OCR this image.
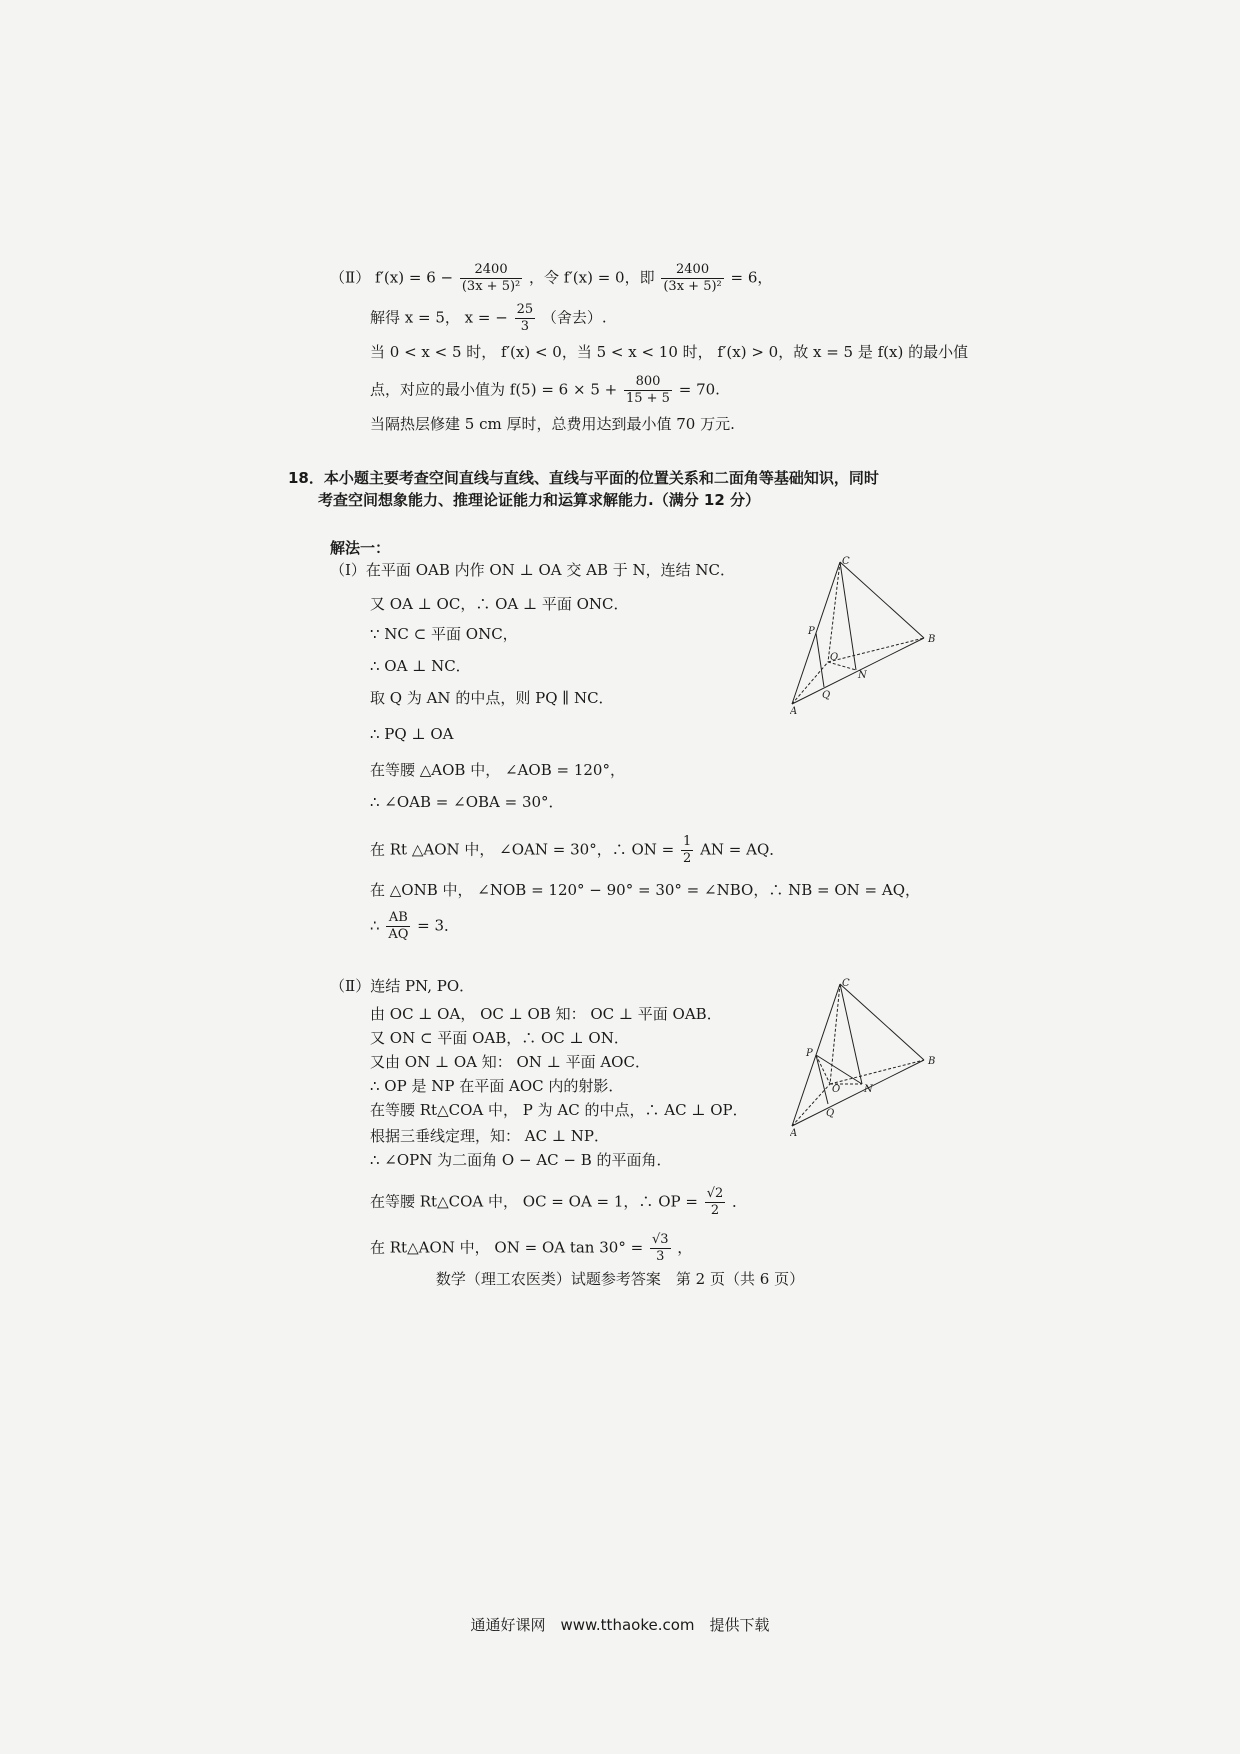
（Ⅱ） $f'(x) = 6 - \frac{2400}{\text{(3x + 5)²}}$ ，令 f′(x) = 0，即 $\frac{2400}{\text{(3x + 5)²}} = 6$，
解得 x = 5， x = − $\frac{25}{3}$ （舍去）.
当 0 < x < 5 时， f′(x) < 0，当 5 < x < 10 时， f′(x) > 0，故 x = 5 是 f(x) 的最小值
点，对应的最小值为 $f(5) = 6 \times 5 + \frac{800}{15 + 5} = 70$.
当隔热层修建 5 cm 厚时，总费用达到最小值 70 万元.
18．本小题主要考查空间直线与直线、直线与平面的位置关系和二面角等基础知识，同时
考查空间想象能力、推理论证能力和运算求解能力.（满分 12 分）
解法一：
（Ⅰ）在平面 OAB 内作 ON ⊥ OA 交 AB 于 N，连结 NC．
又 OA ⊥ OC，∴ OA ⊥ 平面 ONC．
∵ NC ⊂ 平面 ONC，
∴ OA ⊥ NC．
取 Q 为 AN 的中点，则 PQ ∥ NC．
∴ PQ ⊥ OA
在等腰 △AOB 中， ∠AOB = 120°，
∴ ∠OAB = ∠OBA = 30°．
在 Rt △AON 中， ∠OAN = 30°，∴ ON = $\frac{1}{2}$ AN = AQ．
在 △ONB 中， ∠NOB = 120° − 90° = 30° = ∠NBO，∴ NB = ON = AQ，
∴ $\frac{AB}{AQ} = 3$．
（Ⅱ）连结 PN, PO．
由 OC ⊥ OA， OC ⊥ OB 知： OC ⊥ 平面 OAB．
又 ON ⊂ 平面 OAB，∴ OC ⊥ ON．
又由 ON ⊥ OA 知： ON ⊥ 平面 AOC．
∴ OP 是 NP 在平面 AOC 内的射影．
在等腰 Rt△COA 中， P 为 AC 的中点，∴ AC ⊥ OP．
根据三垂线定理，知： AC ⊥ NP．
∴ ∠OPN 为二面角 O − AC − B 的平面角．
在等腰 Rt△COA 中， OC = OA = 1，∴ OP = $\frac{√2}{2}$ ．
在 Rt△AON 中， ON = OA $\tan 30^\circ = \frac{√3}{3}$ ，
C
P
B
O
N
Q
A
C
P
B
O N
Q
A
数学（理工农医类）试题参考答案　第 2 页（共 6 页）
通通好课网　www.tthaoke.com　提供下载
